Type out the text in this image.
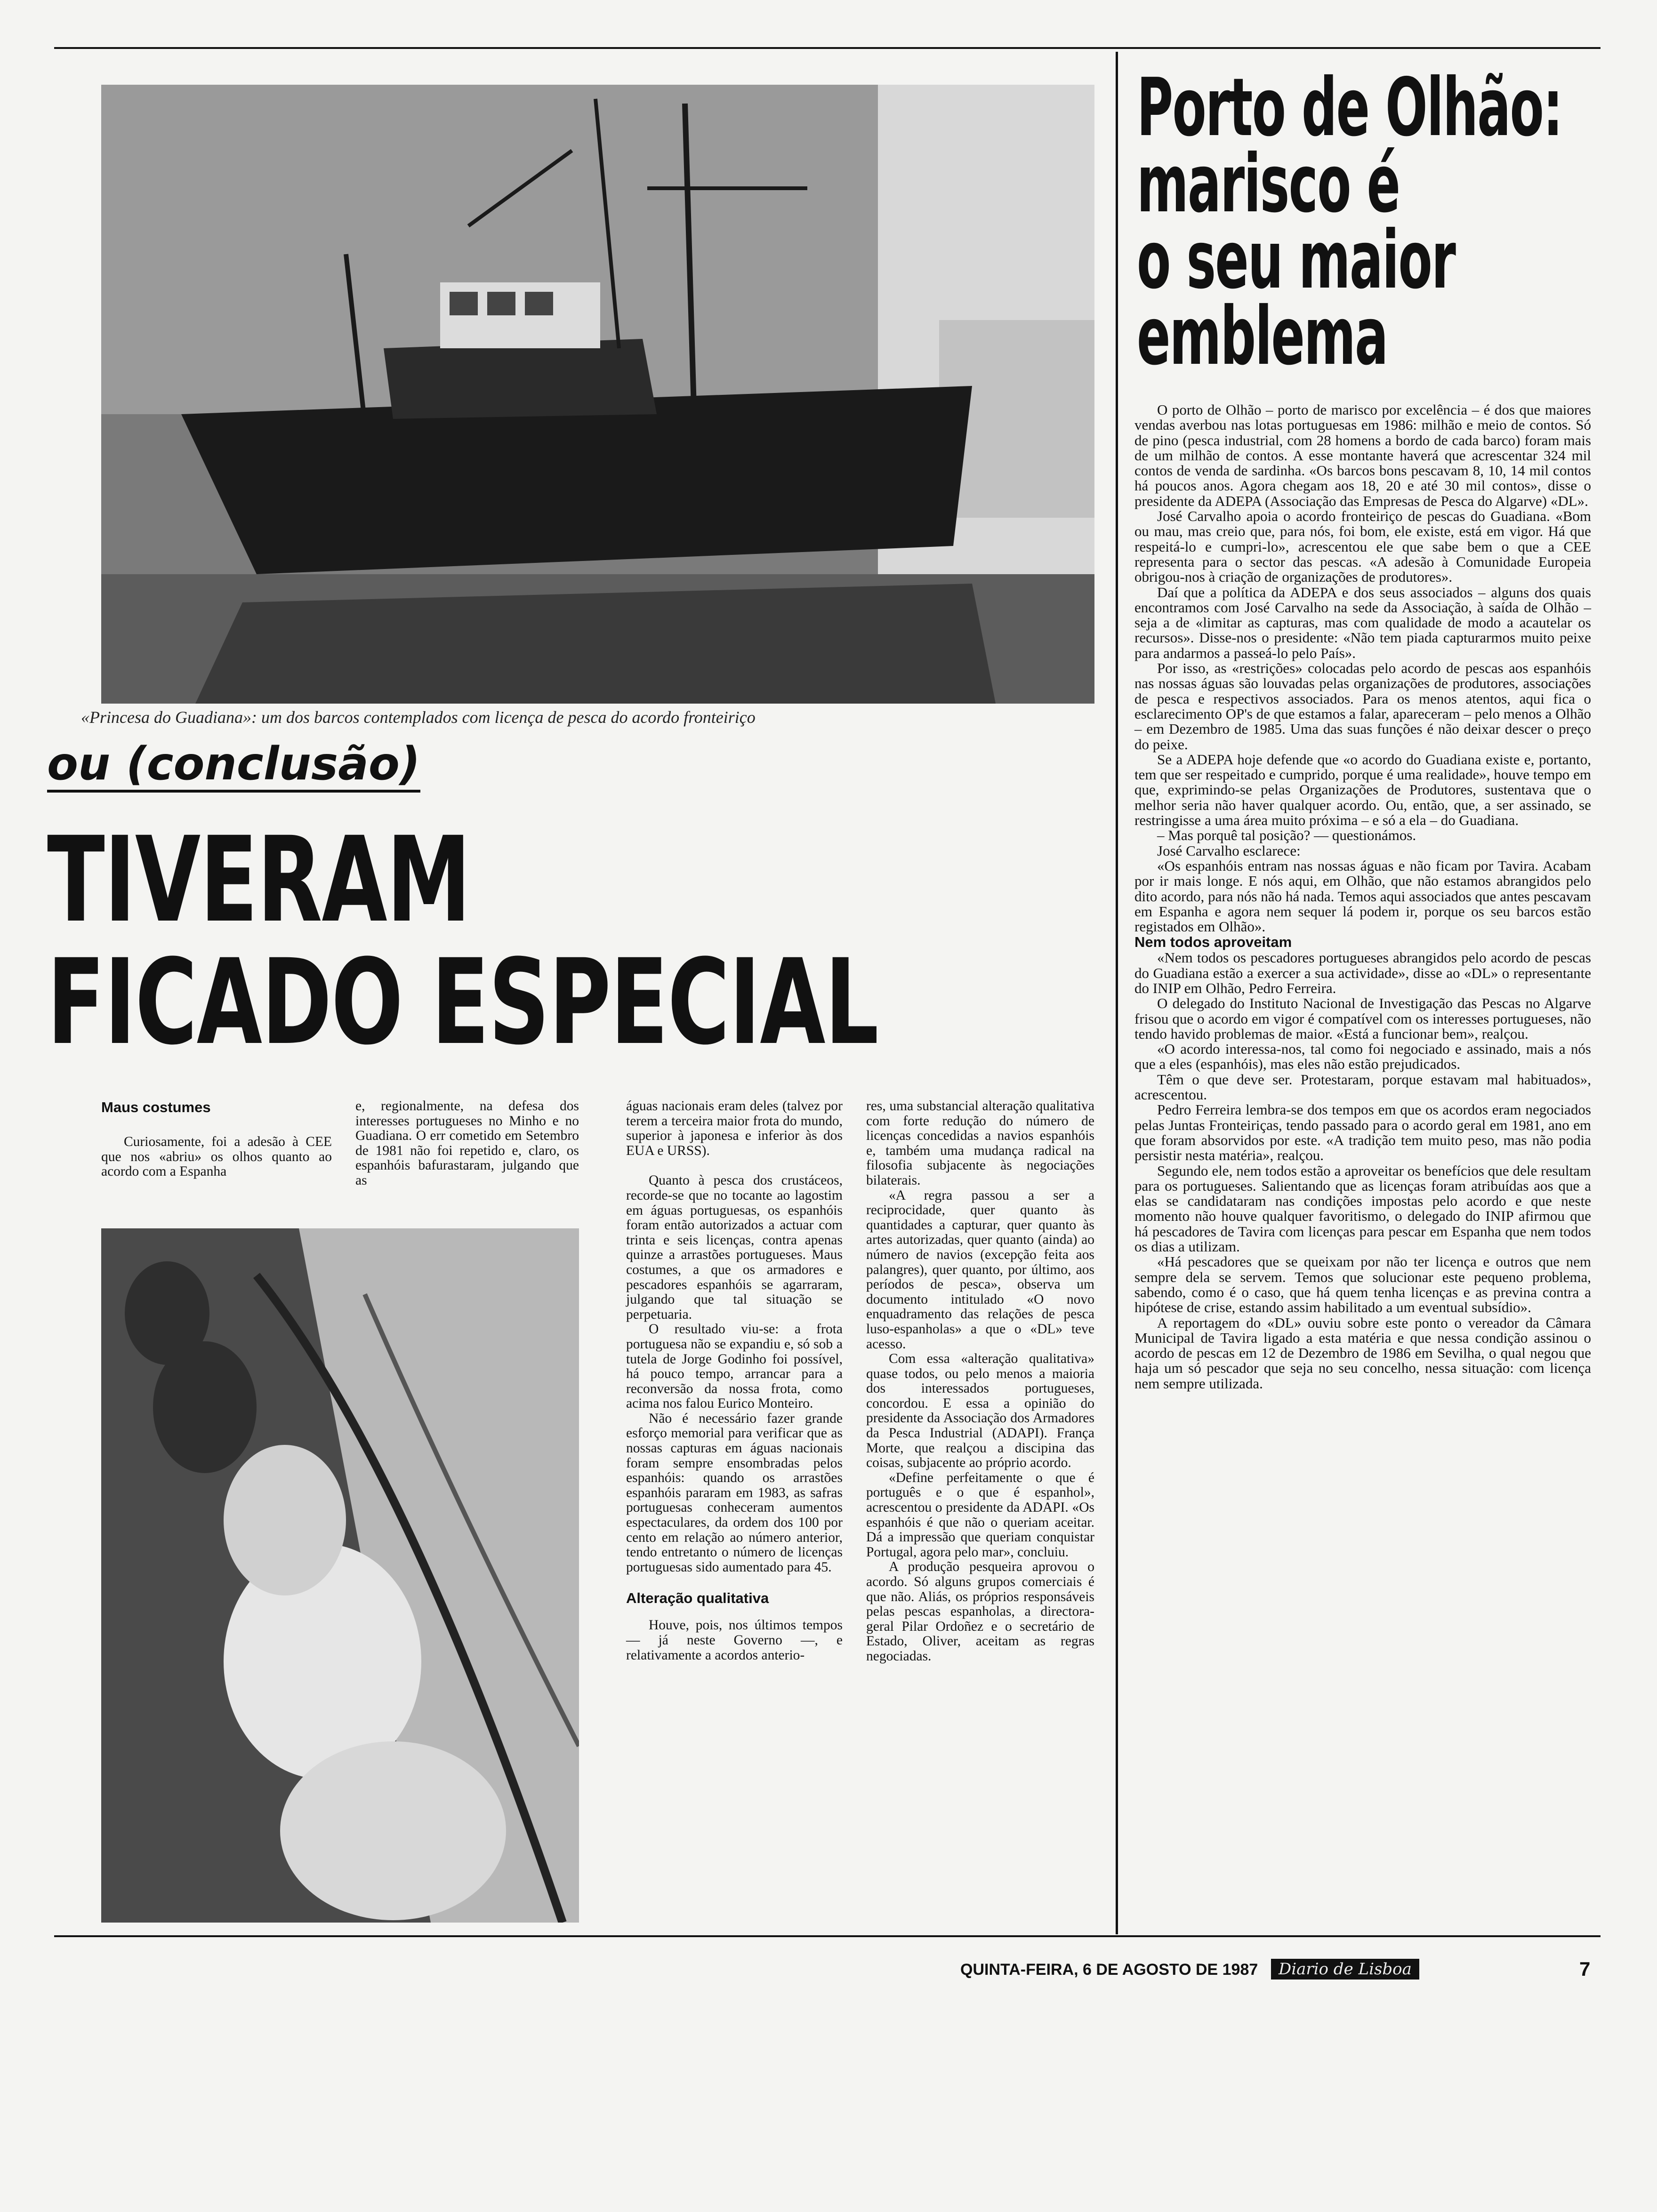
«Princesa do Guadiana»: um dos barcos contemplados com licença de pesca do acordo fronteiriço
ou (conclusão)
TIVERAM
FICADO ESPECIAL
Porto de Olhão:
marisco é
o seu maior
emblema

Maus costumes

Curiosamente, foi a adesão à CEE que nos «abriu» os olhos quanto ao acordo com a Espanha

e, regionalmente, na defesa dos interesses portugueses no Minho e no Guadiana. O err cometido em Setembro de 1981 não foi repetido e, claro, os espanhóis bafurastaram, julgando que as

águas nacionais eram deles (talvez por terem a terceira maior frota do mundo, superior à japonesa e inferior às dos EUA e URSS).

Quanto à pesca dos crustáceos, recorde-se que no tocante ao lagostim em águas portuguesas, os espanhóis foram então autorizados a actuar com trinta e seis licenças, contra apenas quinze a arrastões portugueses. Maus costumes, a que os armadores e pescadores espanhóis se agarraram, julgando que tal situação se perpetuaria.

O resultado viu-se: a frota portuguesa não se expandiu e, só sob a tutela de Jorge Godinho foi possível, há pouco tempo, arrancar para a reconversão da nossa frota, como acima nos falou Eurico Monteiro.

Não é necessário fazer grande esforço memorial para verificar que as nossas capturas em águas nacionais foram sempre ensombradas pelos espanhóis: quando os arrastões espanhóis pararam em 1983, as safras portuguesas conheceram aumentos espectaculares, da ordem dos 100 por cento em relação ao número anterior, tendo entretanto o número de licenças portuguesas sido aumentado para 45.

Alteração qualitativa

Houve, pois, nos últimos tempos — já neste Governo —, e relativamente a acordos anterio-

res, uma substancial alteração qualitativa com forte redução do número de licenças concedidas a navios espanhóis e, também uma mudança radical na filosofia subjacente às negociações bilaterais.

«A regra passou a ser a reciprocidade, quer quanto às quantidades a capturar, quer quanto às artes autorizadas, quer quanto (ainda) ao número de navios (excepção feita aos palangres), quer quanto, por último, aos períodos de pesca», observa um documento intitulado «O novo enquadramento das relações de pesca luso-espanholas» a que o «DL» teve acesso.

Com essa «alteração qualitativa» quase todos, ou pelo menos a maioria dos interessados portugueses, concordou. E essa a opinião do presidente da Associação dos Armadores da Pesca Industrial (ADAPI). França Morte, que realçou a discipina das coisas, subjacente ao próprio acordo.

«Define perfeitamente o que é português e o que é espanhol», acrescentou o presidente da ADAPI. «Os espanhóis é que não o queriam aceitar. Dá a impressão que queriam conquistar Portugal, agora pelo mar», concluiu.

A produção pesqueira aprovou o acordo. Só alguns grupos comerciais é que não. Aliás, os próprios responsáveis pelas pescas espanholas, a directora-geral Pilar Ordoñez e o secretário de Estado, Oliver, aceitam as regras negociadas.

O porto de Olhão – porto de marisco por excelência – é dos que maiores vendas averbou nas lotas portuguesas em 1986: milhão e meio de contos. Só de pino (pesca industrial, com 28 homens a bordo de cada barco) foram mais de um milhão de contos. A esse montante haverá que acrescentar 324 mil contos de venda de sardinha. «Os barcos bons pescavam 8, 10, 14 mil contos há poucos anos. Agora chegam aos 18, 20 e até 30 mil contos», disse o presidente da ADEPA (Associação das Empresas de Pesca do Algarve) «DL».

José Carvalho apoia o acordo fronteiriço de pescas do Guadiana. «Bom ou mau, mas creio que, para nós, foi bom, ele existe, está em vigor. Há que respeitá-lo e cumpri-lo», acrescentou ele que sabe bem o que a CEE representa para o sector das pescas. «A adesão à Comunidade Europeia obrigou-nos à criação de organizações de produtores».

Daí que a política da ADEPA e dos seus associados – alguns dos quais encontramos com José Carvalho na sede da Associação, à saída de Olhão – seja a de «limitar as capturas, mas com qualidade de modo a acautelar os recursos». Disse-nos o presidente: «Não tem piada capturarmos muito peixe para andarmos a passeá-lo pelo País».

Por isso, as «restrições» colocadas pelo acordo de pescas aos espanhóis nas nossas águas são louvadas pelas organizações de produtores, associações de pesca e respectivos associados. Para os menos atentos, aqui fica o esclarecimento OP's de que estamos a falar, apareceram – pelo menos a Olhão – em Dezembro de 1985. Uma das suas funções é não deixar descer o preço do peixe.

Se a ADEPA hoje defende que «o acordo do Guadiana existe e, portanto, tem que ser respeitado e cumprido, porque é uma realidade», houve tempo em que, exprimindo-se pelas Organizações de Produtores, sustentava que o melhor seria não haver qualquer acordo. Ou, então, que, a ser assinado, se restringisse a uma área muito próxima – e só a ela – do Guadiana.

– Mas porquê tal posição? — questionámos.

José Carvalho esclarece:

«Os espanhóis entram nas nossas águas e não ficam por Tavira. Acabam por ir mais longe. E nós aqui, em Olhão, que não estamos abrangidos pelo dito acordo, para nós não há nada. Temos aqui associados que antes pescavam em Espanha e agora nem sequer lá podem ir, porque os seu barcos estão registados em Olhão».

Nem todos aproveitam

«Nem todos os pescadores portugueses abrangidos pelo acordo de pescas do Guadiana estão a exercer a sua actividade», disse ao «DL» o representante do INIP em Olhão, Pedro Ferreira.

O delegado do Instituto Nacional de Investigação das Pescas no Algarve frisou que o acordo em vigor é compatível com os interesses portugueses, não tendo havido problemas de maior. «Está a funcionar bem», realçou.

«O acordo interessa-nos, tal como foi negociado e assinado, mais a nós que a eles (espanhóis), mas eles não estão prejudicados.

Têm o que deve ser. Protestaram, porque estavam mal habituados», acrescentou.

Pedro Ferreira lembra-se dos tempos em que os acordos eram negociados pelas Juntas Fronteiriças, tendo passado para o acordo geral em 1981, ano em que foram absorvidos por este. «A tradição tem muito peso, mas não podia persistir nesta matéria», realçou.

Segundo ele, nem todos estão a aproveitar os benefícios que dele resultam para os portugueses. Salientando que as licenças foram atribuídas aos que a elas se candidataram nas condições impostas pelo acordo e que neste momento não houve qualquer favoritismo, o delegado do INIP afirmou que há pescadores de Tavira com licenças para pescar em Espanha que nem todos os dias a utilizam.

«Há pescadores que se queixam por não ter licença e outros que nem sempre dela se servem. Temos que solucionar este pequeno problema, sabendo, como é o caso, que há quem tenha licenças e as previna contra a hipótese de crise, estando assim habilitado a um eventual subsídio».

A reportagem do «DL» ouviu sobre este ponto o vereador da Câmara Municipal de Tavira ligado a esta matéria e que nessa condição assinou o acordo de pescas em 12 de Dezembro de 1986 em Sevilha, o qual negou que haja um só pescador que seja no seu concelho, nessa situação: com licença nem sempre utilizada.

QUINTA-FEIRA, 6 DE AGOSTO DE 1987	Diario de Lisboa	7
